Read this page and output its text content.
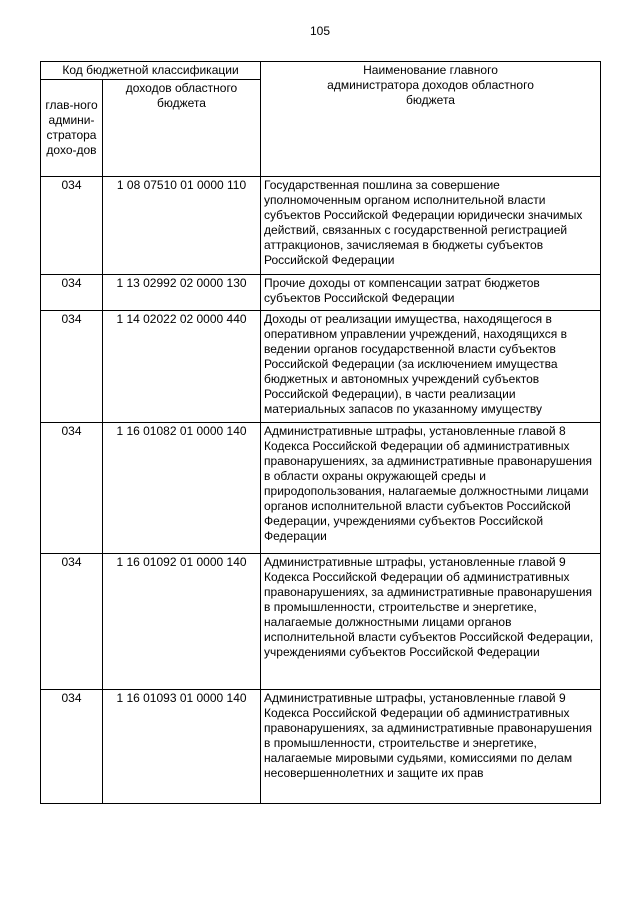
105
Код бюджетной классификации		Наименование главного администратора доходов областного бюджета

глав-ного админи-стратора дохо-дов	доходов областного бюджета	

034	1 08 07510 01 0000 110	Государственная пошлина за совершение уполномоченным органом исполнительной власти субъектов Российской Федерации юридически значимых действий, связанных с государственной регистрацией аттракционов, зачисляемая в бюджеты субъектов Российской Федерации
034	1 13 02992 02 0000 130	Прочие доходы от компенсации затрат бюджетов субъектов Российской Федерации
034	1 14 02022 02 0000 440	Доходы от реализации имущества, находящегося в оперативном управлении учреждений, находящихся в ведении органов государственной власти субъектов Российской Федерации (за исключением имущества бюджетных и автономных учреждений субъектов Российской Федерации), в части реализации материальных запасов по указанному имуществу
034	1 16 01082 01 0000 140	Административные штрафы, установленные главой 8 Кодекса Российской Федерации об административных правонарушениях, за административные правонарушения в области охраны окружающей среды и природопользования, налагаемые должностными лицами органов исполнительной власти субъектов Российской Федерации, учреждениями субъектов Российской Федерации
034	1 16 01092 01 0000 140	Административные штрафы, установленные главой 9 Кодекса Российской Федерации об административных правонарушениях, за административные правонарушения в промышленности, строительстве и энергетике, налагаемые должностными лицами органов исполнительной власти субъектов Российской Федерации, учреждениями субъектов Российской Федерации
034	1 16 01093 01 0000 140	Административные штрафы, установленные главой 9 Кодекса Российской Федерации об административных правонарушениях, за административные правонарушения в промышленности, строительстве и энергетике, налагаемые мировыми судьями, комиссиями по делам несовершеннолетних и защите их прав
